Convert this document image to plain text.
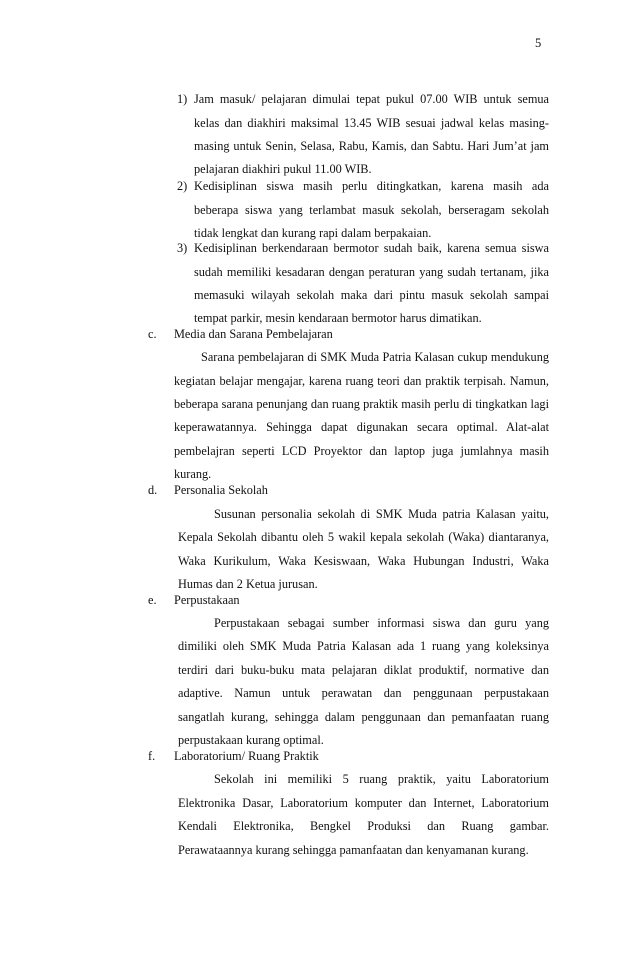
5
1) Jam masuk/ pelajaran dimulai tepat pukul 07.00 WIB untuk semua
kelas dan diakhiri maksimal 13.45 WIB sesuai jadwal kelas masing-
masing untuk Senin, Selasa, Rabu, Kamis, dan Sabtu. Hari Jum’at jam
pelajaran diakhiri pukul 11.00 WIB.
2) Kedisiplinan siswa masih perlu ditingkatkan, karena masih ada
beberapa siswa yang terlambat masuk sekolah, berseragam sekolah
tidak lengkat dan kurang rapi dalam berpakaian.
3) Kedisiplinan berkendaraan bermotor sudah baik, karena semua siswa
sudah memiliki kesadaran dengan peraturan yang sudah tertanam, jika
memasuki wilayah sekolah maka dari pintu masuk sekolah sampai
tempat parkir, mesin kendaraan bermotor harus dimatikan.
c. Media dan Sarana Pembelajaran
Sarana pembelajaran di SMK Muda Patria Kalasan cukup mendukung
kegiatan belajar mengajar, karena ruang teori dan praktik terpisah. Namun,
beberapa sarana penunjang dan ruang praktik masih perlu di tingkatkan lagi
keperawatannya. Sehingga dapat digunakan secara optimal. Alat-alat
pembelajran seperti LCD Proyektor dan laptop juga jumlahnya masih
kurang.
d. Personalia Sekolah
Susunan personalia sekolah di SMK Muda patria Kalasan yaitu,
Kepala Sekolah dibantu oleh 5 wakil kepala sekolah (Waka) diantaranya,
Waka Kurikulum, Waka Kesiswaan, Waka Hubungan Industri, Waka
Humas dan 2 Ketua jurusan.
e. Perpustakaan
Perpustakaan sebagai sumber informasi siswa dan guru yang
dimiliki oleh SMK Muda Patria Kalasan ada 1 ruang yang koleksinya
terdiri dari buku-buku mata pelajaran diklat produktif, normative dan
adaptive. Namun untuk perawatan dan penggunaan perpustakaan
sangatlah kurang, sehingga dalam penggunaan dan pemanfaatan ruang
perpustakaan kurang optimal.
f. Laboratorium/ Ruang Praktik
Sekolah ini memiliki 5 ruang praktik, yaitu Laboratorium
Elektronika Dasar, Laboratorium komputer dan Internet, Laboratorium
Kendali Elektronika, Bengkel Produksi dan Ruang gambar.
Perawataannya kurang sehingga pamanfaatan dan kenyamanan kurang.
